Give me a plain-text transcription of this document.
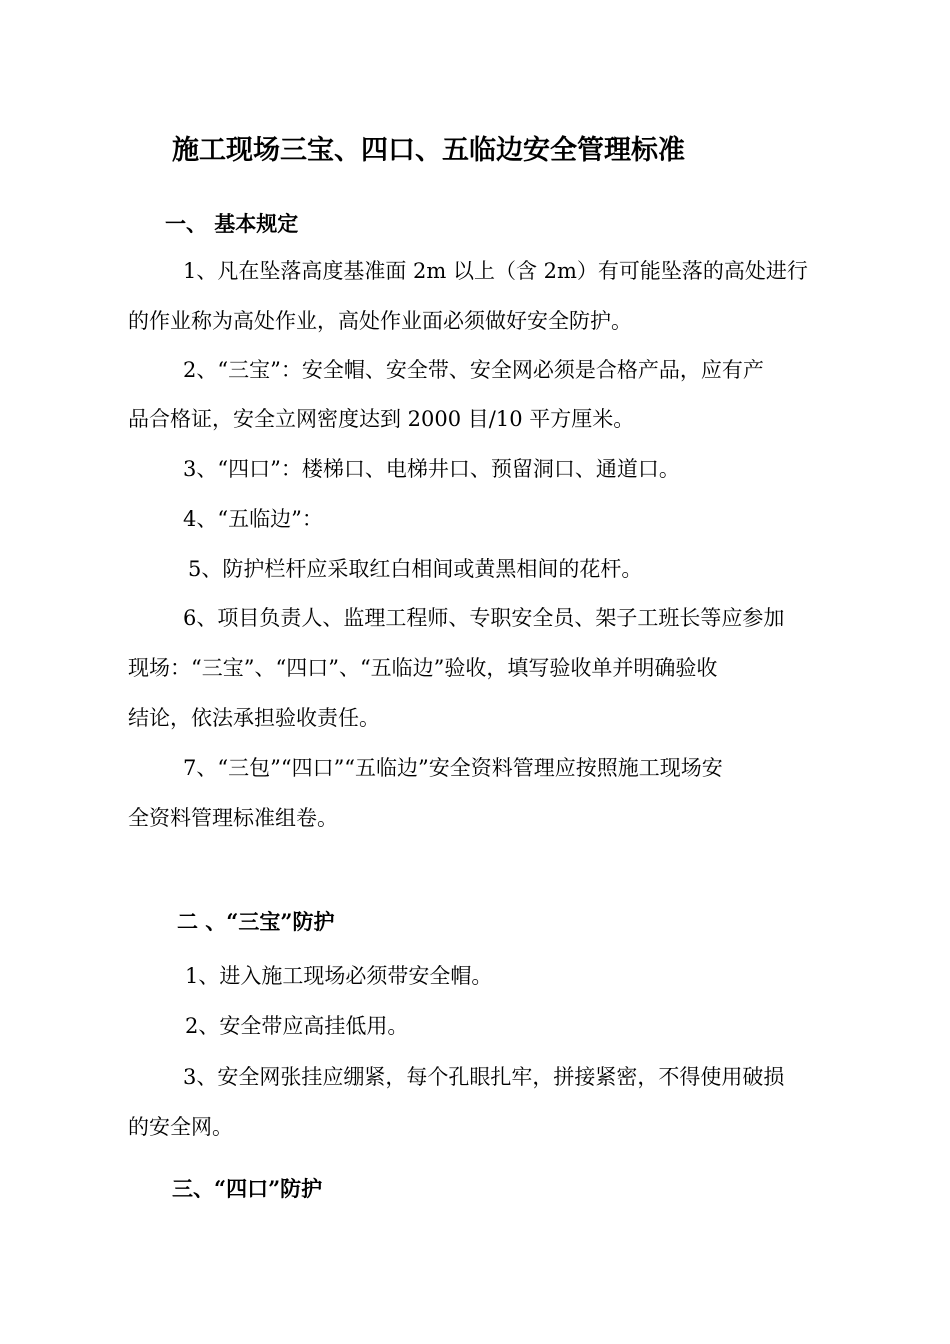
施工现场三宝、四口、五临边安全管理标准
一、 基本规定
1、凡在坠落高度基准面 2m 以上（含 2m）有可能坠落的高处进行
的作业称为高处作业，高处作业面必须做好安全防护。
2、“三宝”：安全帽、安全带、安全网必须是合格产品，应有产
品合格证，安全立网密度达到 2000 目/10 平方厘米。
3、“四口”：楼梯口、电梯井口、预留洞口、通道口。
4、“五临边”：
5、防护栏杆应采取红白相间或黄黑相间的花杆。
6、项目负责人、监理工程师、专职安全员、架子工班长等应参加
现场：“三宝”、“四口”、“五临边”验收，填写验收单并明确验收
结论，依法承担验收责任。
7、“三包”“四口”“五临边”安全资料管理应按照施工现场安
全资料管理标准组卷。
二 、“三宝”防护
1、进入施工现场必须带安全帽。
2、安全带应高挂低用。
3、安全网张挂应绷紧，每个孔眼扎牢，拼接紧密，不得使用破损
的安全网。
三、“四口”防护
